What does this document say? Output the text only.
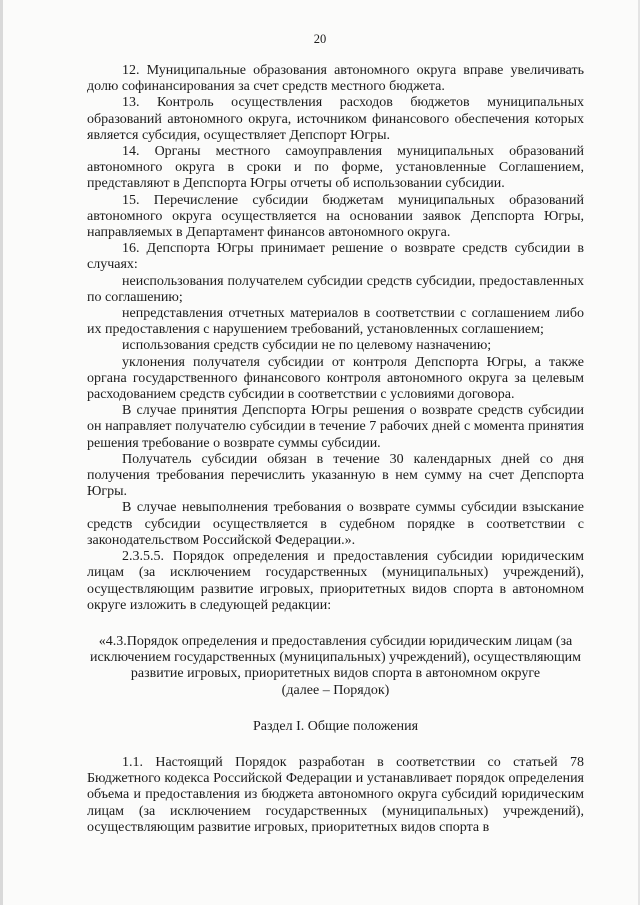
20

12. Муниципальные образования автономного округа вправе увеличивать долю софинансирования за счет средств местного бюджета.

13. Контроль осуществления расходов бюджетов муниципальных образований автономного округа, источником финансового обеспечения которых является субсидия, осуществляет Депспорт Югры.

14. Органы местного самоуправления муниципальных образований автономного округа в сроки и по форме, установленные Соглашением, представляют в Депспорта Югры отчеты об использовании субсидии.

15. Перечисление субсидии бюджетам муниципальных образований автономного округа осуществляется на основании заявок Депспорта Югры, направляемых в Департамент финансов автономного округа.

16. Депспорта Югры принимает решение о возврате средств субсидии в случаях:

неиспользования получателем субсидии средств субсидии, предоставленных по соглашению;

непредставления отчетных материалов в соответствии с соглашением либо их предоставления с нарушением требований, установленных соглашением;

использования средств субсидии не по целевому назначению;

уклонения получателя субсидии от контроля Депспорта Югры, а также органа государственного финансового контроля автономного округа за целевым расходованием средств субсидии в соответствии с условиями договора.

В случае принятия Депспорта Югры решения о возврате средств субсидии он направляет получателю субсидии в течение 7 рабочих дней с момента принятия решения требование о возврате суммы субсидии.

Получатель субсидии обязан в течение 30 календарных дней со дня получения требования перечислить указанную в нем сумму на счет Депспорта Югры.

В случае невыполнения требования о возврате суммы субсидии взыскание средств субсидии осуществляется в судебном порядке в соответствии с законодательством Российской Федерации.».

2.3.5.5. Порядок определения и предоставления субсидии юридическим лицам (за исключением государственных (муниципальных) учреждений), осуществляющим развитие игровых, приоритетных видов спорта в автономном округе изложить в следующей редакции:

«4.3.Порядок определения и предоставления субсидии юридическим лицам (за

исключением государственных (муниципальных) учреждений), осуществляющим

развитие игровых, приоритетных видов спорта в автономном округе

(далее – Порядок)

Раздел I. Общие положения

1.1. Настоящий Порядок разработан в соответствии со статьей 78 Бюджетного кодекса Российской Федерации и устанавливает порядок определения объема и предоставления из бюджета автономного округа субсидий юридическим лицам (за исключением государственных (муниципальных) учреждений), осуществляющим развитие игровых, приоритетных видов спорта в
